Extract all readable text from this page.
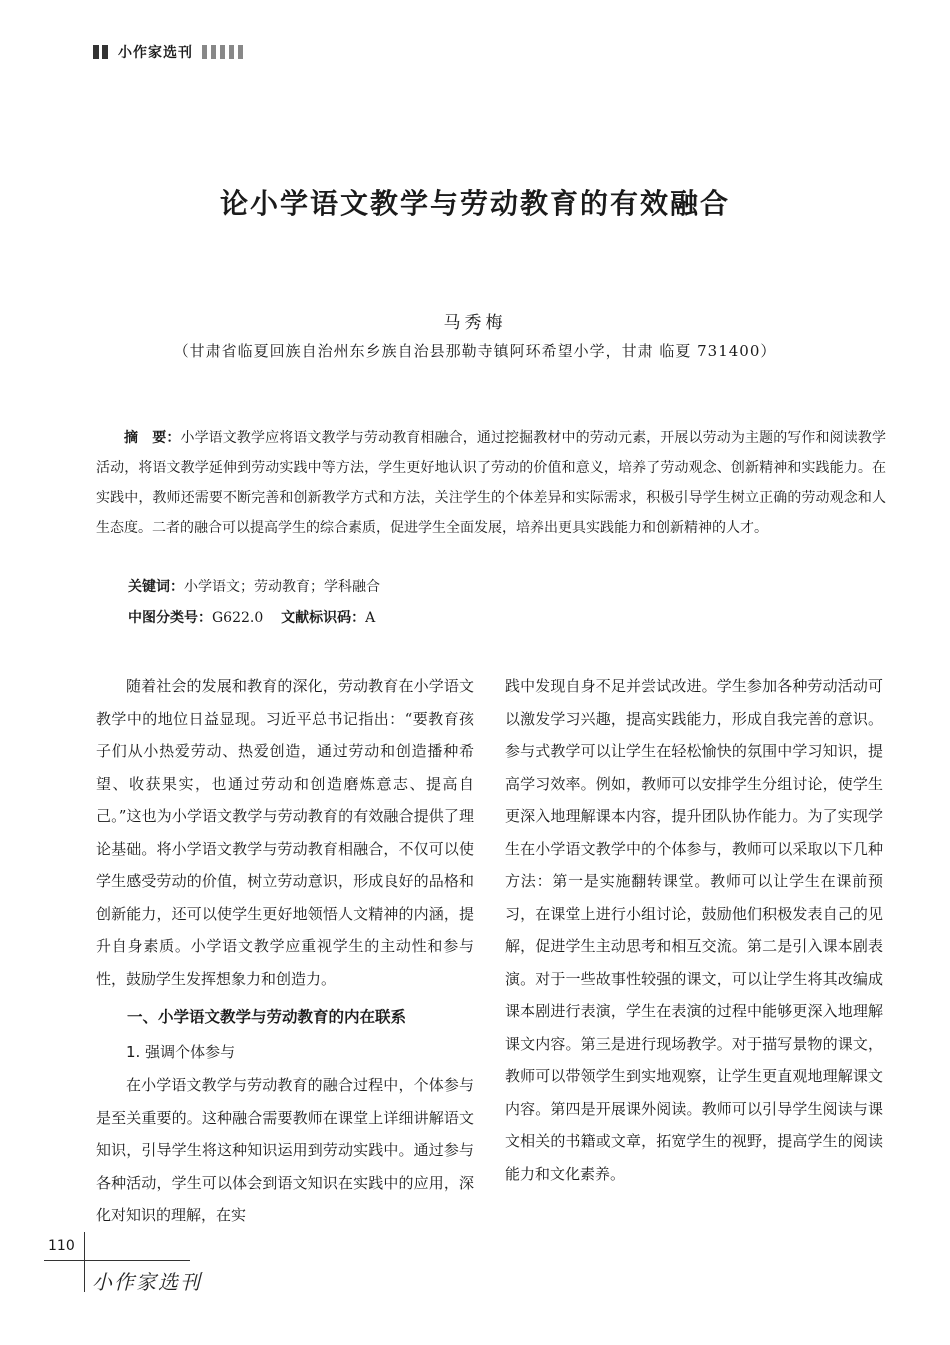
小作家选刊
论小学语文教学与劳动教育的有效融合
马秀梅
（甘肃省临夏回族自治州东乡族自治县那勒寺镇阿环希望小学，甘肃 临夏 731400）

摘　要：小学语文教学应将语文教学与劳动教育相融合，通过挖掘教材中的劳动元素，开展以劳动为主题的写作和阅读教学活动，将语文教学延伸到劳动实践中等方法，学生更好地认识了劳动的价值和意义，培养了劳动观念、创新精神和实践能力。在实践中，教师还需要不断完善和创新教学方式和方法，关注学生的个体差异和实际需求，积极引导学生树立正确的劳动观念和人生态度。二者的融合可以提高学生的综合素质，促进学生全面发展，培养出更具实践能力和创新精神的人才。

关键词：小学语文；劳动教育；学科融合
中图分类号：G622.0 文献标识码：A

随着社会的发展和教育的深化，劳动教育在小学语文教学中的地位日益显现。习近平总书记指出：“要教育孩子们从小热爱劳动、热爱创造，通过劳动和创造播种希望、收获果实，也通过劳动和创造磨炼意志、提高自己。”这也为小学语文教学与劳动教育的有效融合提供了理论基础。将小学语文教学与劳动教育相融合，不仅可以使学生感受劳动的价值，树立劳动意识，形成良好的品格和创新能力，还可以使学生更好地领悟人文精神的内涵，提升自身素质。小学语文教学应重视学生的主动性和参与性，鼓励学生发挥想象力和创造力。

一、小学语文教学与劳动教育的内在联系
1. 强调个体参与

在小学语文教学与劳动教育的融合过程中，个体参与是至关重要的。这种融合需要教师在课堂上详细讲解语文知识，引导学生将这种知识运用到劳动实践中。通过参与各种活动，学生可以体会到语文知识在实践中的应用，深化对知识的理解，在实

践中发现自身不足并尝试改进。学生参加各种劳动活动可以激发学习兴趣，提高实践能力，形成自我完善的意识。参与式教学可以让学生在轻松愉快的氛围中学习知识，提高学习效率。例如，教师可以安排学生分组讨论，使学生更深入地理解课本内容，提升团队协作能力。为了实现学生在小学语文教学中的个体参与，教师可以采取以下几种方法：第一是实施翻转课堂。教师可以让学生在课前预习，在课堂上进行小组讨论，鼓励他们积极发表自己的见解，促进学生主动思考和相互交流。第二是引入课本剧表演。对于一些故事性较强的课文，可以让学生将其改编成课本剧进行表演，学生在表演的过程中能够更深入地理解课文内容。第三是进行现场教学。对于描写景物的课文，教师可以带领学生到实地观察，让学生更直观地理解课文内容。第四是开展课外阅读。教师可以引导学生阅读与课文相关的书籍或文章，拓宽学生的视野，提高学生的阅读能力和文化素养。

110
小作家选刊
